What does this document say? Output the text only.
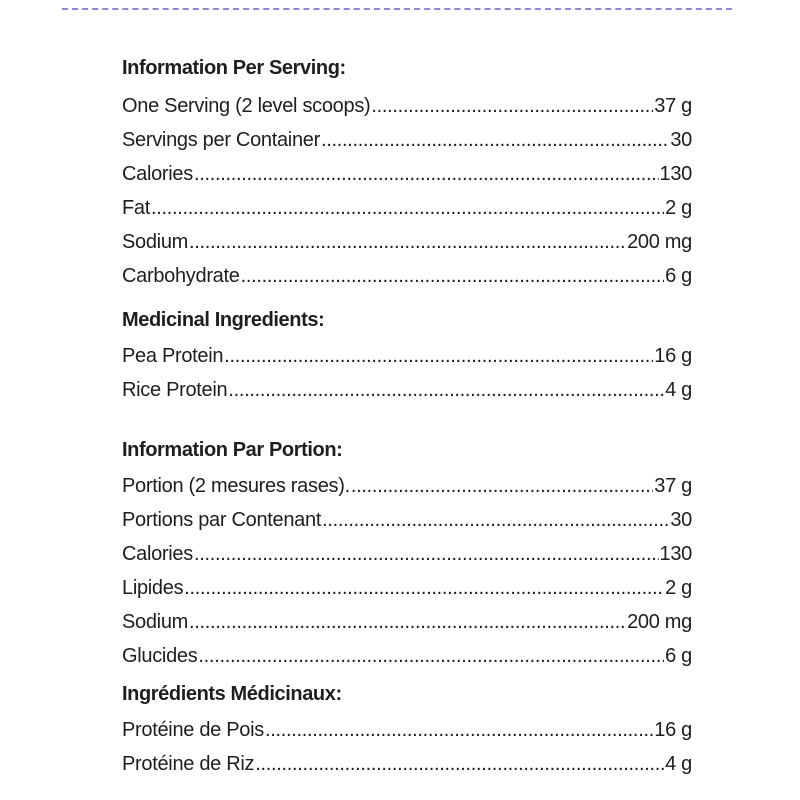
Information Per Serving:
One Serving (2 level scoops) .....	37 g
Servings per Container .....	30
Calories .....	130
Fat .....	2 g
Sodium .....	200 mg
Carbohydrate .....	6 g
Medicinal Ingredients:
Pea Protein .....	16 g
Rice Protein .....	4 g
Information Par Portion:
Portion (2 mesures rases). .....	37 g
Portions par Contenant .....	30
Calories .....	130
Lipides .....	2 g
Sodium .....	200 mg
Glucides .....	6 g
Ingrédients Médicinaux:
Protéine de Pois .....	16 g
Protéine de Riz .....	4 g
